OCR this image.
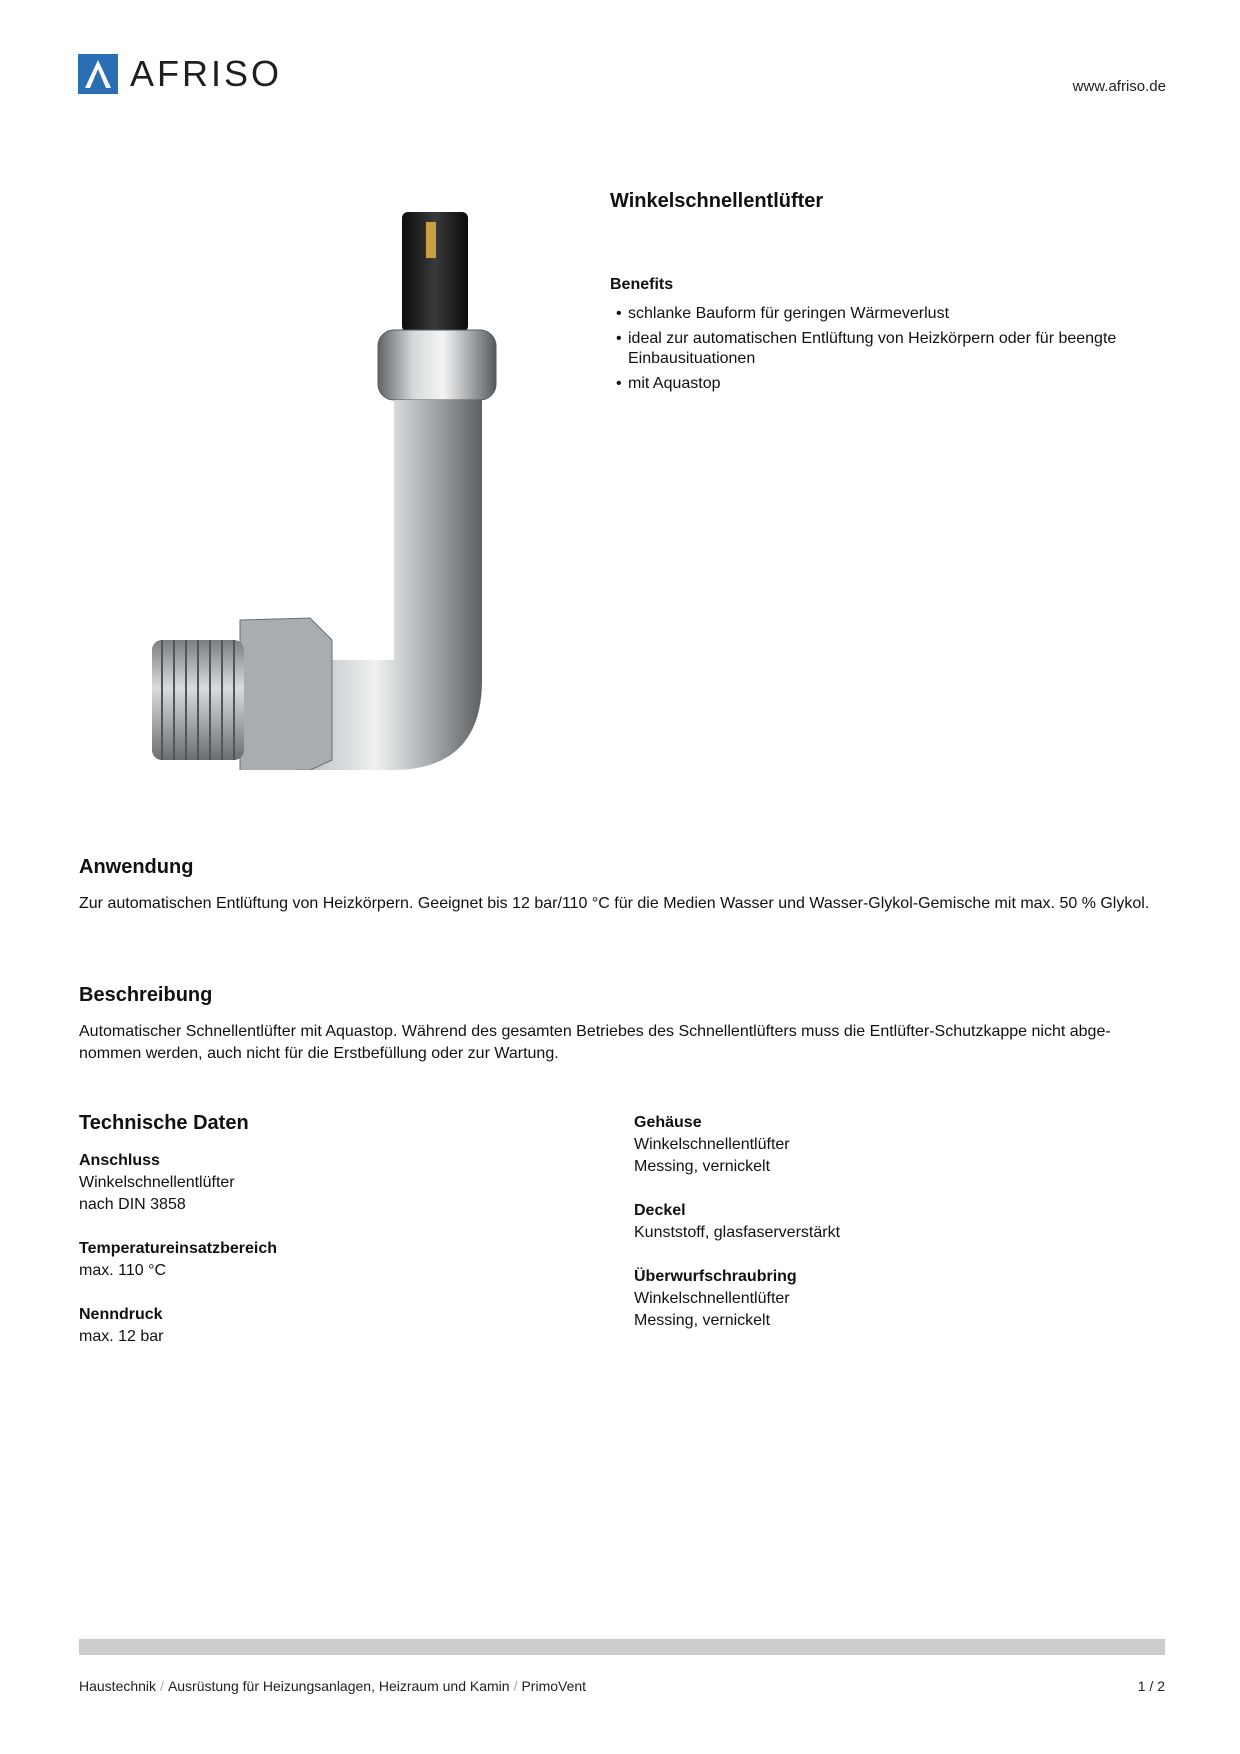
AFRISO	www.afriso.de
Winkelschnellentlüfter
Benefits
• schlanke Bauform für geringen Wärmeverlust
• ideal zur automatischen Entlüftung von Heizkörpern oder für beengte Einbausituationen
• mit Aquastop
Anwendung

Zur automatischen Entlüftung von Heizkörpern. Geeignet bis 12 bar/110 °C für die Medien Wasser und Wasser-Glykol-Gemische mit max. 50 % Glykol.

Beschreibung

Automatischer Schnellentlüfter mit Aquastop. Während des gesamten Betriebes des Schnellentlüfters muss die Entlüfter-Schutzkappe nicht abge-nommen werden, auch nicht für die Erstbefüllung oder zur Wartung.

Technische Daten
Anschluss
Winkelschnellentlüfter
nach DIN 3858
Temperatureinsatzbereich
max. 110 °C
Nenndruck
max. 12 bar
Gehäuse
Winkelschnellentlüfter
Messing, vernickelt
Deckel
Kunststoff, glasfaserverstärkt
Überwurfschraubring
Winkelschnellentlüfter
Messing, vernickelt
Haustechnik / Ausrüstung für Heizungsanlagen, Heizraum und Kamin / PrimoVent	1 / 2
